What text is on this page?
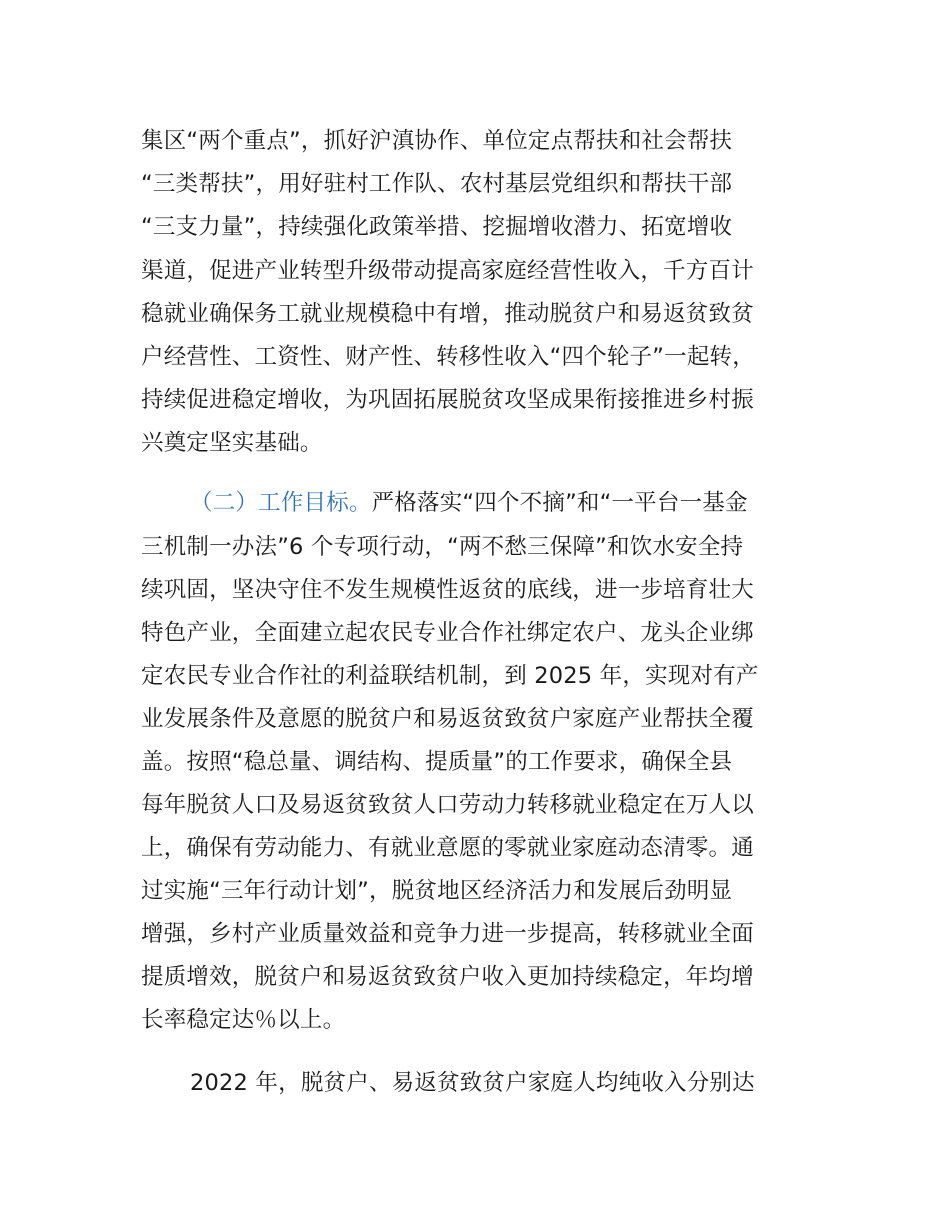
集区“两个重点”，抓好沪滇协作、单位定点帮扶和社会帮扶
“三类帮扶”，用好驻村工作队、农村基层党组织和帮扶干部
“三支力量”，持续强化政策举措、挖掘增收潜力、拓宽增收
渠道，促进产业转型升级带动提高家庭经营性收入，千方百计
稳就业确保务工就业规模稳中有增，推动脱贫户和易返贫致贫
户经营性、工资性、财产性、转移性收入“四个轮子”一起转，
持续促进稳定增收，为巩固拓展脱贫攻坚成果衔接推进乡村振
兴奠定坚实基础。
（二）工作目标。严格落实“四个不摘”和“一平台一基金
三机制一办法”6 个专项行动，“两不愁三保障”和饮水安全持
续巩固，坚决守住不发生规模性返贫的底线，进一步培育壮大
特色产业，全面建立起农民专业合作社绑定农户、龙头企业绑
定农民专业合作社的利益联结机制，到 2025 年，实现对有产
业发展条件及意愿的脱贫户和易返贫致贫户家庭产业帮扶全覆
盖。按照“稳总量、调结构、提质量”的工作要求，确保全县
每年脱贫人口及易返贫致贫人口劳动力转移就业稳定在万人以
上，确保有劳动能力、有就业意愿的零就业家庭动态清零。通
过实施“三年行动计划”，脱贫地区经济活力和发展后劲明显
增强，乡村产业质量效益和竞争力进一步提高，转移就业全面
提质增效，脱贫户和易返贫致贫户收入更加持续稳定，年均增
长率稳定达％以上。
2022 年，脱贫户、易返贫致贫户家庭人均纯收入分别达
